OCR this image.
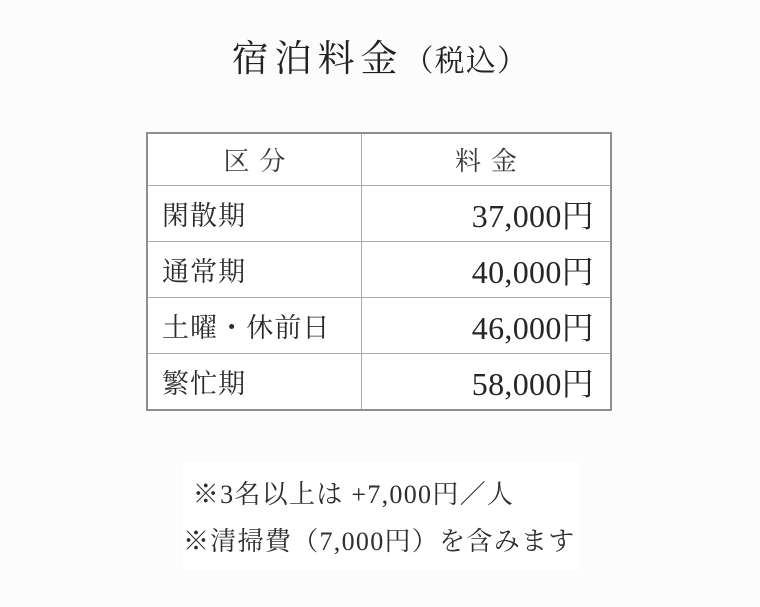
宿泊料金（税込）
区分	料金
閑散期	37,000円
通常期	40,000円
土曜・休前日	46,000円
繁忙期	58,000円
※3名以上は +7,000円／人
※清掃費（7,000円）を含みます
